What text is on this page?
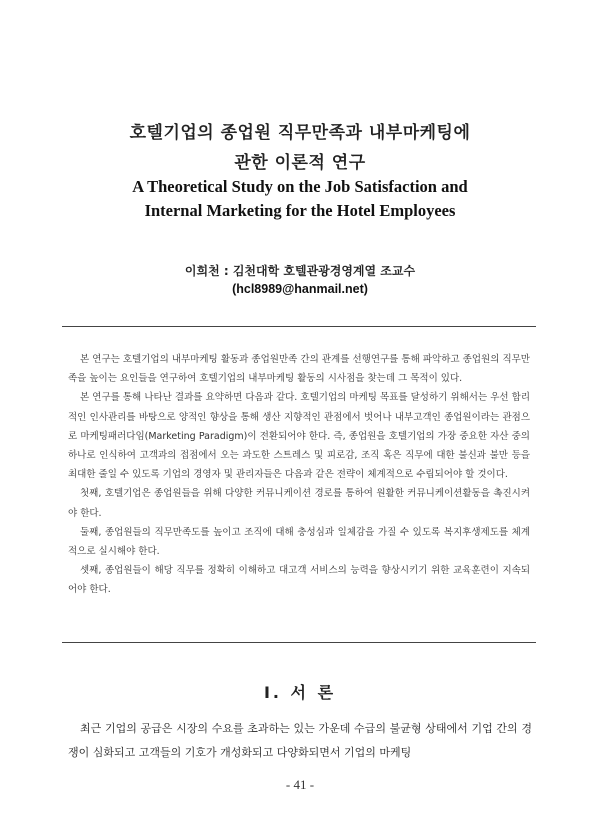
호텔기업의 종업원 직무만족과 내부마케팅에
관한 이론적 연구
A Theoretical Study on the Job Satisfaction and
Internal Marketing for the Hotel Employees
이희천 : 김천대학 호텔관광경영계열 조교수
(hcl8989@hanmail.net)

본 연구는 호텔기업의 내부마케팅 활동과 종업원만족 간의 관계를 선행연구를 통해 파악하고 종업원의 직무만족을 높이는 요인들을 연구하여 호텔기업의 내부마케팅 활동의 시사점을 찾는데 그 목적이 있다.

본 연구를 통해 나타난 결과를 요약하면 다음과 같다. 호텔기업의 마케팅 목표를 달성하기 위해서는 우선 합리적인 인사관리를 바탕으로 양적인 향상을 통해 생산 지향적인 관점에서 벗어나 내부고객인 종업원이라는 관점으로 마케팅패러다임(Marketing Paradigm)이 전환되어야 한다. 즉, 종업원을 호텔기업의 가장 중요한 자산 중의 하나로 인식하여 고객과의 접점에서 오는 과도한 스트레스 및 피로감, 조직 혹은 직무에 대한 불신과 불만 등을 최대한 줄일 수 있도록 기업의 경영자 및 관리자들은 다음과 같은 전략이 체계적으로 수립되어야 할 것이다.

첫째, 호텔기업은 종업원들을 위해 다양한 커뮤니케이션 경로를 통하여 원활한 커뮤니케이션활동을 촉진시켜야 한다.

둘째, 종업원들의 직무만족도를 높이고 조직에 대해 충성심과 일체감을 가질 수 있도록 복지후생제도를 체계적으로 실시해야 한다.

셋째, 종업원들이 해당 직무를 정확히 이해하고 대고객 서비스의 능력을 향상시키기 위한 교육훈련이 지속되어야 한다.

Ⅰ. 서 론

최근 기업의 공급은 시장의 수요를 초과하는 있는 가운데 수급의 불균형 상태에서 기업 간의 경쟁이 심화되고 고객들의 기호가 개성화되고 다양화되면서 기업의 마케팅

- 41 -
